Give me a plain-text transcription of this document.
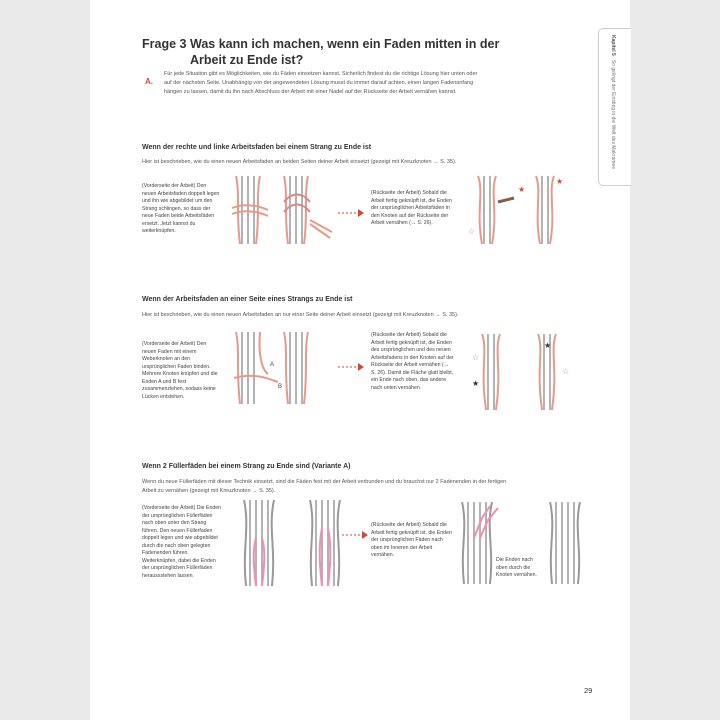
Kapitel 5So gelingt der Einstieg in die Welt des Makramee
Frage 3 Was kann ich machen, wenn ein Faden mitten in der
Arbeit zu Ende ist?
A.
Für jede Situation gibt es Möglichkeiten, wie du Fäden einsetzen kannst. Sicherlich findest du die richtige Lösung hier unten oder auf der nächsten Seite. Unabhängig von der angewendeten Lösung musst du immer darauf achten, einen langen Fadenanfang hängen zu lassen, damit du ihn nach Abschluss der Arbeit mit einer Nadel auf der Rückseite der Arbeit vernähen kannst.
Wenn der rechte und linke Arbeitsfaden bei einem Strang zu Ende ist
Hier ist beschrieben, wie du einen neuen Arbeitsfaden an beiden Seiten deiner Arbeit einsetzt (gezeigt mit Kreuzknoten → S. 35).
(Vorderseite der Arbeit) Den neuen Arbeitsfaden doppelt legen und ihn wie abgebildet um den Strang schlingen, so dass der neue Faden beide Arbeitsfäden ersetzt. Jetzt kannst du weiterknüpfen.
(Rückseite der Arbeit) Sobald die Arbeit fertig geknüpft ist, die Enden der ursprünglichen Arbeitsfäden in den Knoten auf der Rückseite der Arbeit vernähen (→ S. 26).
★
☆
★
Wenn der Arbeitsfaden an einer Seite eines Strangs zu Ende ist
Hier ist beschrieben, wie du einen neuen Arbeitsfaden an nur einer Seite deiner Arbeit einsetzt (gezeigt mit Kreuzknoten → S. 35).
(Vorderseite der Arbeit) Den neuen Faden mit einem Weberknoten an den ursprünglichen Faden binden. Mehrere Knoten knüpfen und die Enden A und B fest zusammenziehen, sodass keine Lücken entstehen.
(Rückseite der Arbeit) Sobald die Arbeit fertig geknüpft ist, die Enden des ursprünglichen und des neuen Arbeitsfadens in den Knoten auf der Rückseite der Arbeit vernähen (→ S. 26). Damit die Fläche glatt bleibt, ein Ende nach oben, das andere nach unten vernähen.
A
B
☆
★
★
☆
Wenn 2 Füllerfäden bei einem Strang zu Ende sind (Variante A)
Wenn du neue Füllerfäden mit dieser Technik einsetzt, sind die Fäden fest mit der Arbeit verbunden und du brauchst nur 2 Fadenenden in der fertigen Arbeit zu vernähen (gezeigt mit Kreuzknoten → S. 35).
(Vorderseite der Arbeit) Die Enden der ursprünglichen Füllerfäden nach oben unter den Strang führen. Den neuen Füllerfaden doppelt legen und wie abgebildet durch die nach oben gelegten Fadenenden führen. Weiterknüpfen, dabei die Enden der ursprünglichen Füllerfäden heraussstehen lassen.
(Rückseite der Arbeit) Sobald die Arbeit fertig geknüpft ist, die Enden der ursprünglichen Fäden nach oben im Inneren der Arbeit vernähen.
Die Enden nach oben durch die Knoten vernähen.
29
